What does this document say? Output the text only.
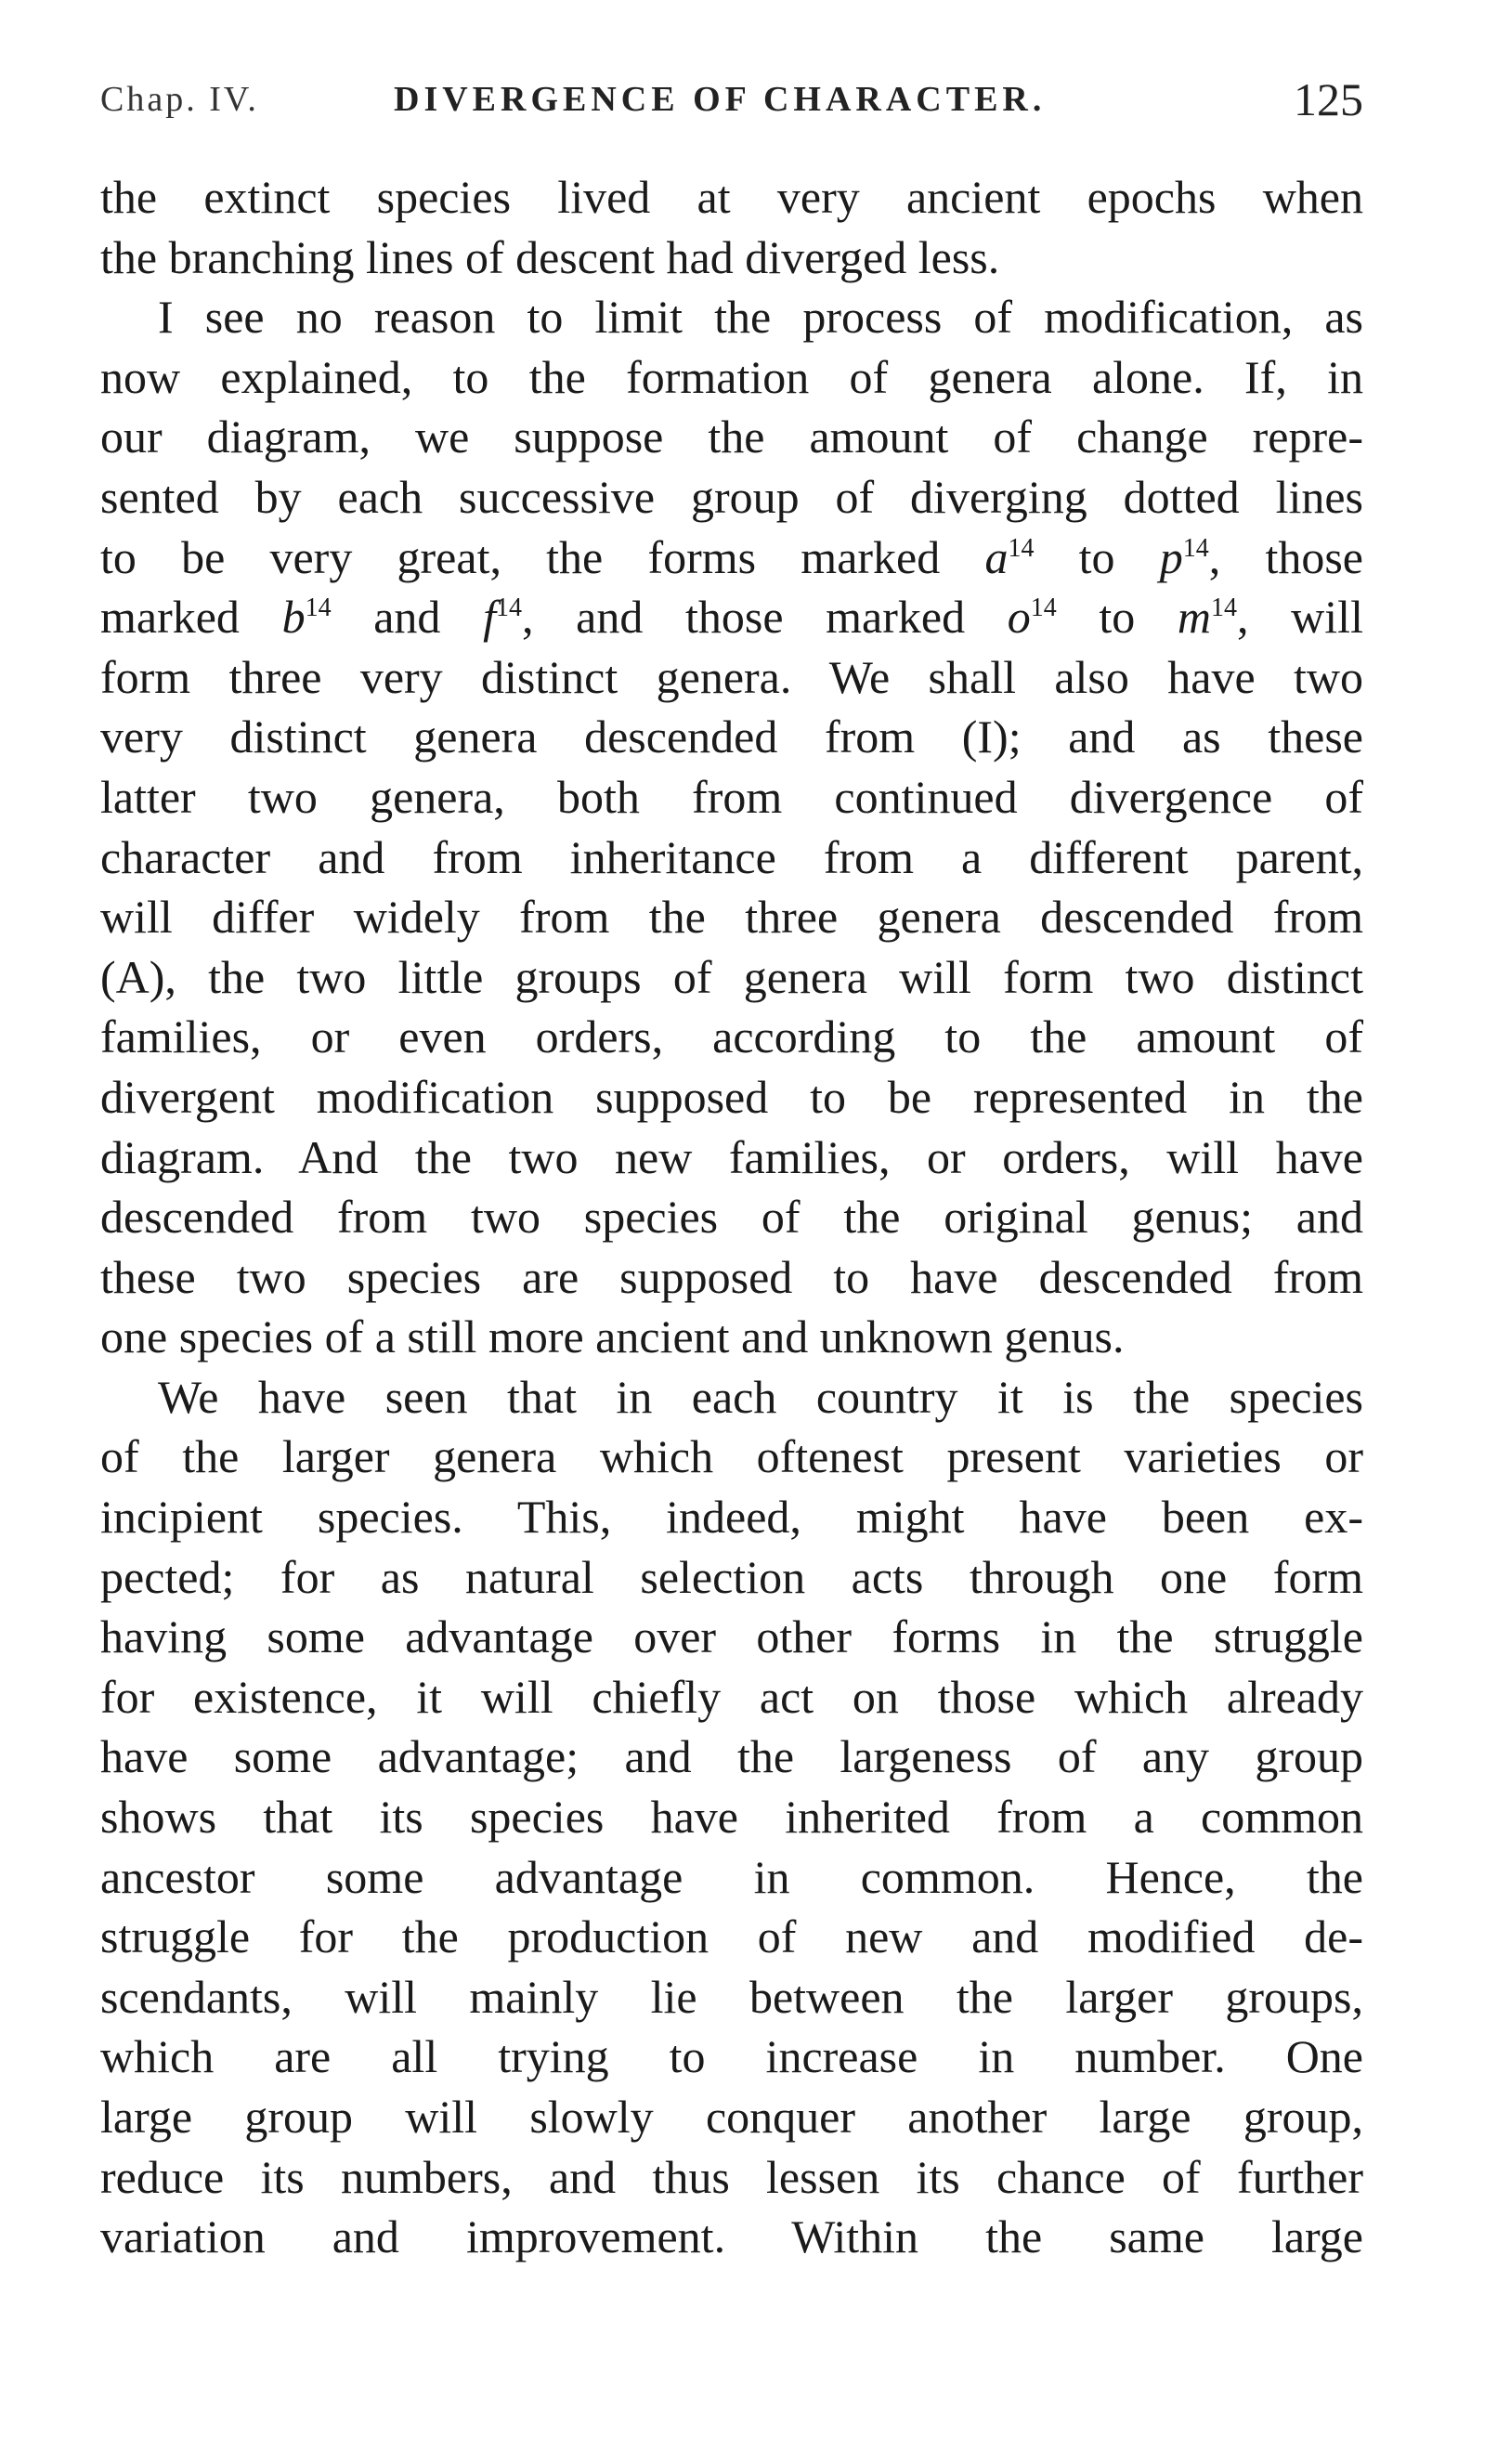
Chap. IV.	DIVERGENCE OF CHARACTER.	125
the extinct species lived at very ancient epochs when
the branching lines of descent had diverged less.
I see no reason to limit the process of modification, as
now explained, to the formation of genera alone. If, in
our diagram, we suppose the amount of change repre-
sented by each successive group of diverging dotted lines
to be very great, the forms marked $a^{14}$ to $p^{14}$, those
marked $b^{14}$ and $f^{14}$, and those marked $o^{14}$ to $m^{14}$, will
form three very distinct genera. We shall also have two
very distinct genera descended from (I); and as these
latter two genera, both from continued divergence of
character and from inheritance from a different parent,
will differ widely from the three genera descended from
(A), the two little groups of genera will form two distinct
families, or even orders, according to the amount of
divergent modification supposed to be represented in the
diagram. And the two new families, or orders, will have
descended from two species of the original genus; and
these two species are supposed to have descended from
one species of a still more ancient and unknown genus.
We have seen that in each country it is the species
of the larger genera which oftenest present varieties or
incipient species. This, indeed, might have been ex-
pected; for as natural selection acts through one form
having some advantage over other forms in the struggle
for existence, it will chiefly act on those which already
have some advantage; and the largeness of any group
shows that its species have inherited from a common
ancestor some advantage in common. Hence, the
struggle for the production of new and modified de-
scendants, will mainly lie between the larger groups,
which are all trying to increase in number. One
large group will slowly conquer another large group,
reduce its numbers, and thus lessen its chance of further
variation and improvement. Within the same large
